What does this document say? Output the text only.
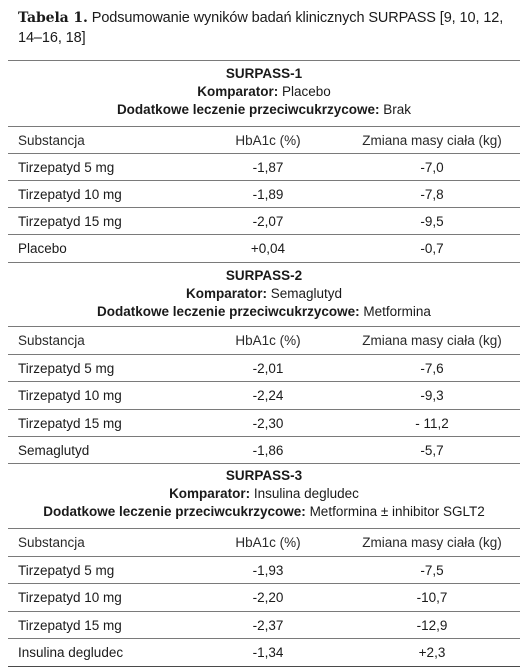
Tabela 1. Podsumowanie wyników badań klinicznych SURPASS [9, 10, 12, 14–16, 18]
SURPASS-1
Komparator: Placebo
Dodatkowe leczenie przeciwcukrzycowe: Brak
Substancja	HbA1c (%)	Zmiana masy ciała (kg)
Tirzepatyd 5 mg	-1,87	-7,0
Tirzepatyd 10 mg	-1,89	-7,8
Tirzepatyd 15 mg	-2,07	-9,5
Placebo	+0,04	-0,7
SURPASS-2
Komparator: Semaglutyd
Dodatkowe leczenie przeciwcukrzycowe: Metformina
Substancja	HbA1c (%)	Zmiana masy ciała (kg)
Tirzepatyd 5 mg	-2,01	-7,6
Tirzepatyd 10 mg	-2,24	-9,3
Tirzepatyd 15 mg	-2,30	- 11,2
Semaglutyd	-1,86	-5,7
SURPASS-3
Komparator: Insulina degludec
Dodatkowe leczenie przeciwcukrzycowe: Metformina ± inhibitor SGLT2
Substancja	HbA1c (%)	Zmiana masy ciała (kg)
Tirzepatyd 5 mg	-1,93	-7,5
Tirzepatyd 10 mg	-2,20	-10,7
Tirzepatyd 15 mg	-2,37	-12,9
Insulina degludec	-1,34	+2,3
